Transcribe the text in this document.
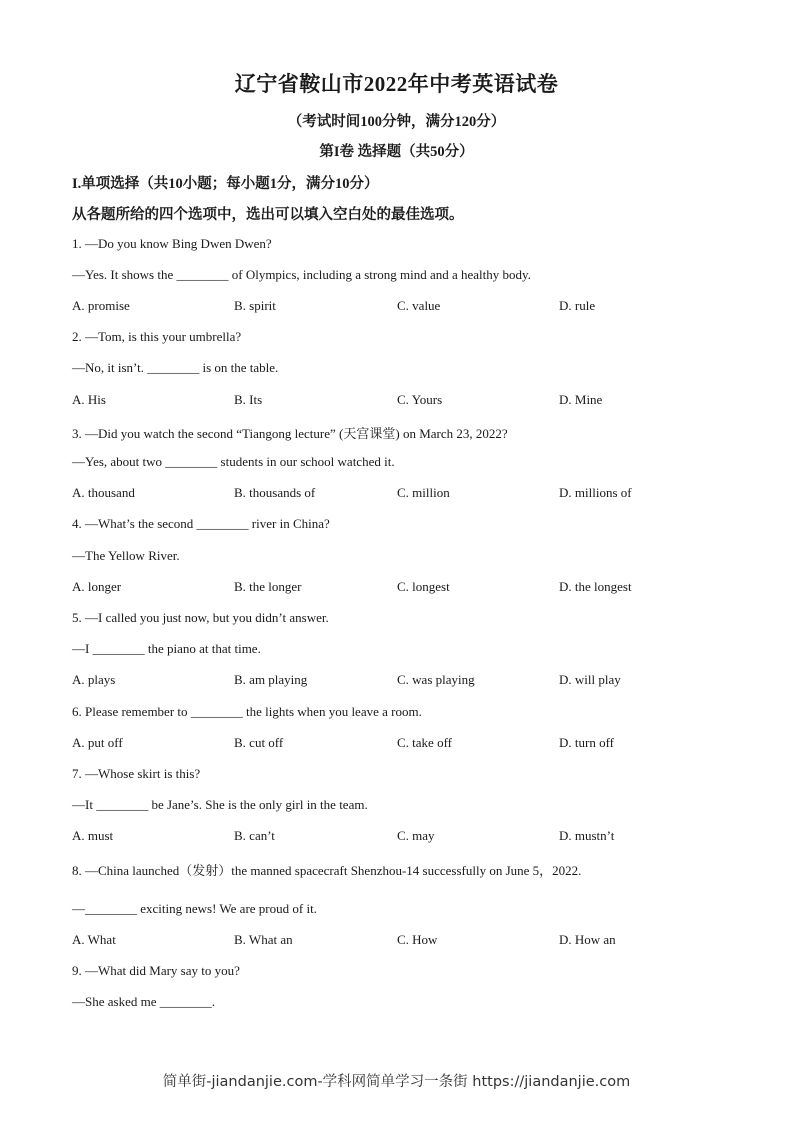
辽宁省鞍山市2022年中考英语试卷
（考试时间100分钟，满分120分）
第I卷 选择题（共50分）
I.单项选择（共10小题；每小题1分，满分10分）
从各题所给的四个选项中，选出可以填入空白处的最佳选项。
1. —Do you know Bing Dwen Dwen?
—Yes. It shows the ________ of Olympics, including a strong mind and a healthy body.
A. promise	B. spirit	C. value	D. rule
2. —Tom, is this your umbrella?
—No, it isn’t. ________ is on the table.
A. His	B. Its	C. Yours	D. Mine
3. —Did you watch the second “Tiangong lecture” (天宫课堂) on March 23, 2022?
—Yes, about two ________ students in our school watched it.
A. thousand	B. thousands of	C. million	D. millions of
4. —What’s the second ________ river in China?
—The Yellow River.
A. longer	B. the longer	C. longest	D. the longest
5. —I called you just now, but you didn’t answer.
—I ________ the piano at that time.
A. plays	B. am playing	C. was playing	D. will play
6. Please remember to ________ the lights when you leave a room.
A. put off	B. cut off	C. take off	D. turn off
7. —Whose skirt is this?
—It ________ be Jane’s. She is the only girl in the team.
A. must	B. can’t	C. may	D. mustn’t
8. —China launched（发射）the manned spacecraft Shenzhou-14 successfully on June 5，2022.
—________ exciting news! We are proud of it.
A. What	B. What an	C. How	D. How an
9. —What did Mary say to you?
—She asked me ________.
简单街-jiandanjie.com-学科网简单学习一条街 https://jiandanjie.com
